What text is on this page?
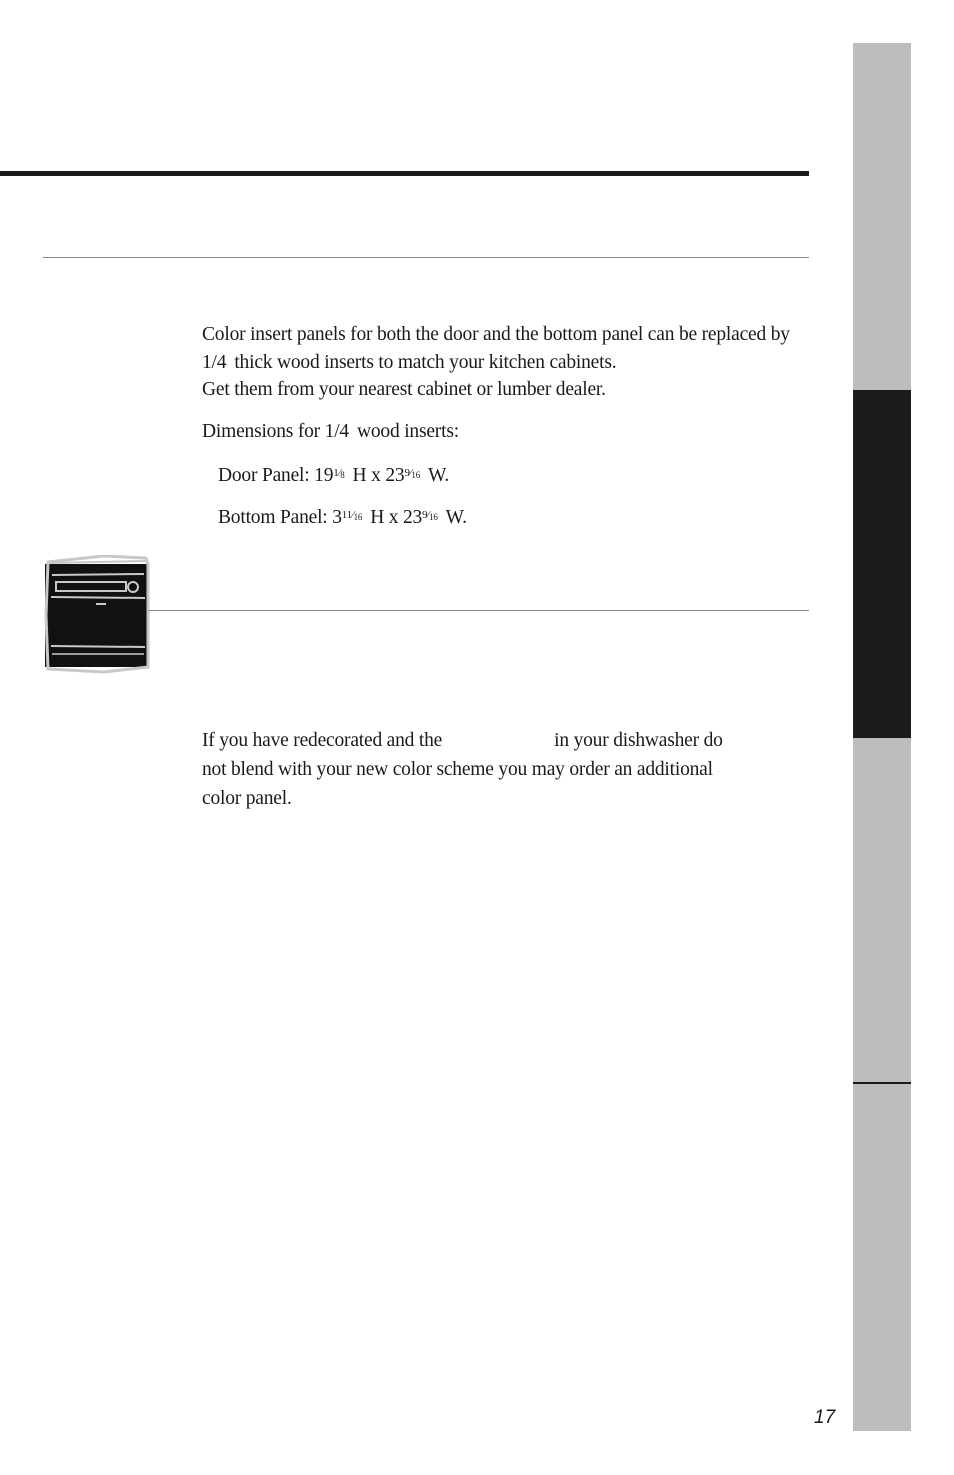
Color insert panels for both the door and the bottom panel can be replaced by 1/4 thick wood inserts to match your kitchen cabinets.
Get them from your nearest cabinet or lumber dealer.

Dimensions for 1/4 wood inserts:

Door Panel: $19^{1⁄8}$ H x $23^{9⁄16}$ W.

Bottom Panel: $3^{11⁄16}$ H x $23^{9⁄16}$ W.

If you have redecorated and the	in your dishwasher do
not blend with your new color scheme you may order an additional
color panel.

17
